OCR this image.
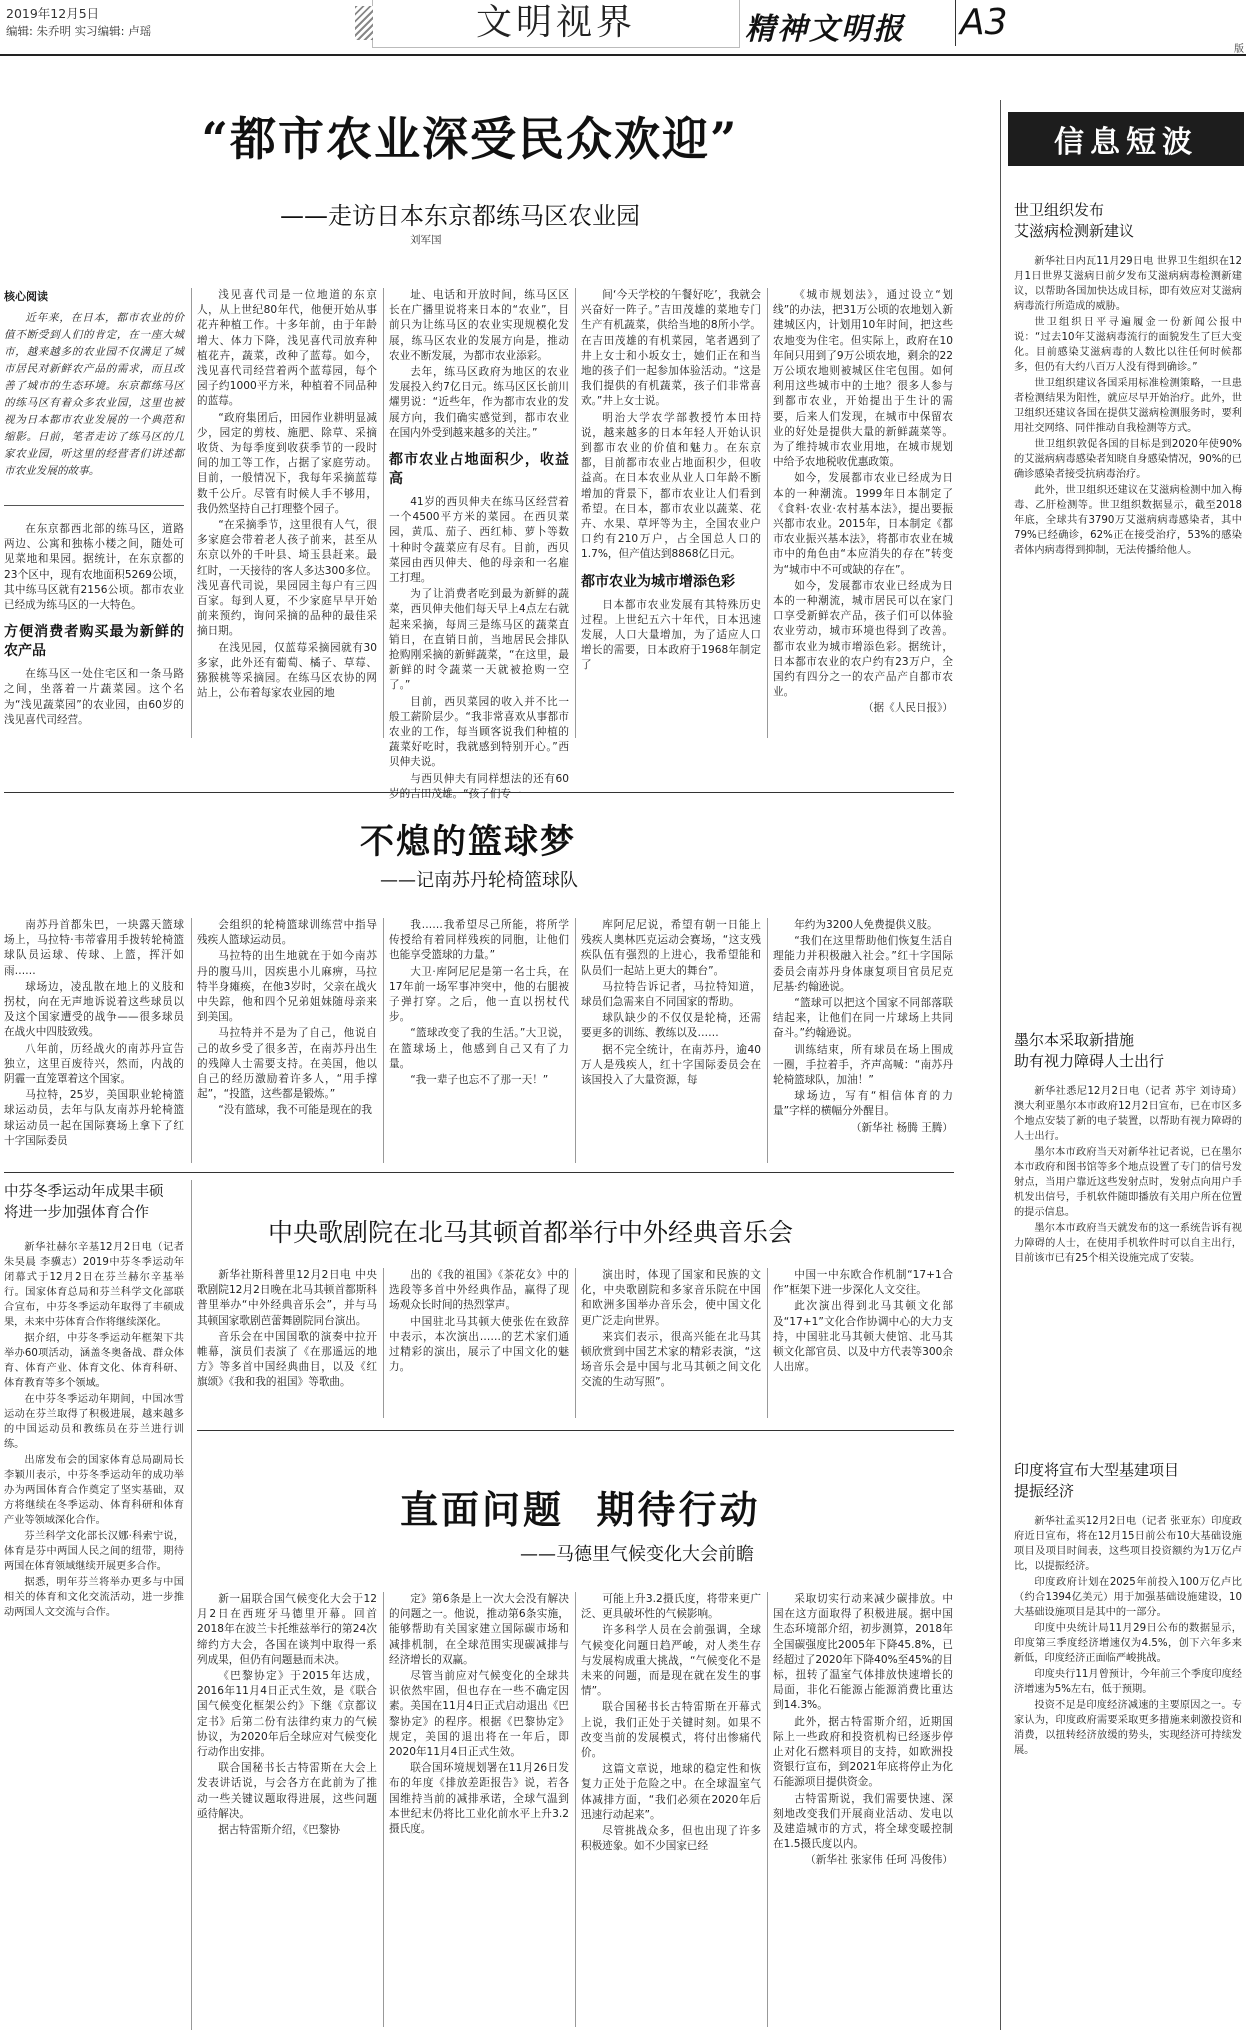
2019年12月5日
编辑: 朱乔明 实习编辑: 卢瑶	文明视界	精神文明报 A3
版
“都市农业深受民众欢迎”
——走访日本东京都练马区农业园
刘军国
核心阅读
近年来，在日本，都市农业的价值不断受到人们的肯定，在一座大城市，越来越多的农业园不仅满足了城市居民对新鲜农产品的需求，而且改善了城市的生态环境。东京都练马区的练马区有着众多农业园，这里也被视为日本都市农业发展的一个典范和缩影。日前，笔者走访了练马区的几家农业园，听这里的经营者们讲述都市农业发展的故事。

在东京都西北部的练马区，道路两边、公寓和独栋小楼之间，随处可见菜地和果园。据统计，在东京都的23个区中，现有农地面积5269公顷，其中练马区就有2156公顷。都市农业已经成为练马区的一大特色。

方便消费者购买最为新鲜的农产品

在练马区一处住宅区和一条马路之间，坐落着一片蔬菜园。这个名为“浅见蔬菜园”的农业园，由60岁的浅见喜代司经营。

浅见喜代司是一位地道的东京人，从上世纪80年代，他便开始从事花卉种植工作。十多年前，由于年龄增大、体力下降，浅见喜代司放弃种植花卉，蔬菜，改种了蓝莓。如今，浅见喜代司经营着两个蓝莓园，每个园子约1000平方米，种植着不同品种的蓝莓。

“政府集团后，田园作业耕明显减少，园定的剪枝、施肥、除草、采摘收货、为每季度到收获季节的一段时间的加工等工作，占据了家庭劳动。目前，一般情况下，我每年采摘蓝莓数千公斤。尽管有时候人手不够用，我仍然坚持自己打理整个园子。

“在采摘季节，这里很有人气，很多家庭会带着老人孩子前来，甚至从东京以外的千叶县、埼玉县赶来。最红时，一天接待的客人多达300多位。浅见喜代司说，果园园主每户有三四百家。每到人夏，不少家庭早早开始前来预约，询问采摘的品种的最佳采摘日期。

在浅见园，仅蓝莓采摘园就有30多家，此外还有葡萄、橘子、草莓、猕猴桃等采摘园。在练马区农协的网站上，公布着每家农业园的地

址、电话和开放时间，练马区区长在广播里说将来日本的“农业”，目前只为让练马区的农业实现规模化发展，练马区农业的发展方向是，推动农业不断发展，为都市农业添彩。

去年，练马区政府为地区的农业发展投入约7亿日元。练马区区长前川燿男说：“近些年，作为都市农业的发展方向，我们确实感觉到，都市农业在国内外受到越来越多的关注。”

都市农业占地面积少，收益高

41岁的西贝伸夫在练马区经营着一个4500平方米的菜园。在西贝菜园，黄瓜、茄子、西红柿、萝卜等数十种时令蔬菜应有尽有。目前，西贝菜园由西贝伸夫、他的母亲和一名雇工打理。

为了让消费者吃到最为新鲜的蔬菜，西贝伸夫他们每天早上4点左右就起来采摘，每周三是练马区的蔬菜直销日，在直销日前，当地居民会排队抢购刚采摘的新鲜蔬菜，“在这里，最新鲜的时令蔬菜一天就被抢购一空了。”

目前，西贝菜园的收入并不比一般工薪阶层少。“我非常喜欢从事都市农业的工作，每当顾客说我们种植的蔬菜好吃时，我就感到特别开心。”西贝伸夫说。

与西贝伸夫有同样想法的还有60岁的吉田茂雄。“孩子们专一

间‘今天学校的午餐好吃’，我就会兴奋好一阵子。”吉田茂雄的菜地专门生产有机蔬菜，供给当地的8所小学。在吉田茂雄的有机菜园，笔者遇到了井上女士和小坂女士，她们正在和当地的孩子们一起参加体验活动。“这是我们提供的有机蔬菜，孩子们非常喜欢。”井上女士说。

明治大学农学部教授竹本田持说，越来越多的日本年轻人开始认识到都市农业的价值和魅力。在东京都，目前都市农业占地面积少，但收益高。在日本农业从业人口年龄不断增加的背景下，都市农业让人们看到希望。在日本，都市农业以蔬菜、花卉、水果、草坪等为主，全国农业户口约有210万户，占全国总人口的1.7%，但产值达到8868亿日元。

都市农业为城市增添色彩

日本都市农业发展有其特殊历史过程。上世纪五六十年代，日本迅速发展，人口大量增加，为了适应人口增长的需要，日本政府于1968年制定了

《城市规划法》，通过设立“划线”的办法，把31万公顷的农地划入新建城区内，计划用10年时间，把这些农地变为住宅。但实际上，政府在10年间只用到了9万公顷农地，剩余的22万公顷农地则被城区住宅包围。如何利用这些城市中的土地？很多人参与到都市农业，开始提出于生计的需要，后来人们发现，在城市中保留农业的好处是提供大量的新鲜蔬菜等。为了维持城市农业用地，在城市规划中给予农地税收优惠政策。

如今，发展都市农业已经成为日本的一种潮流。1999年日本制定了《食料·农业·农村基本法》，提出要振兴都市农业。2015年，日本制定《都市农业振兴基本法》，将都市农业在城市中的角色由“本应消失的存在”转变为“城市中不可或缺的存在”。

如今，发展都市农业已经成为日本的一种潮流，城市居民可以在家门口享受新鲜农产品，孩子们可以体验农业劳动，城市环境也得到了改善。都市农业为城市增添色彩。据统计，日本都市农业的农户约有23万户，全国约有四分之一的农产品产自都市农业。

（据《人民日报》）
不熄的篮球梦
——记南苏丹轮椅篮球队

南苏丹首都朱巴，一块露天篮球场上，马拉特·韦蒂睿用手拨转轮椅篮球队员运球、传球、上篮，挥汗如雨……

球场边，凌乱散在地上的义肢和拐杖，向在无声地诉说着这些球员以及这个国家遭受的战争——很多球员在战火中四肢致残。

八年前，历经战火的南苏丹宣告独立，这里百废待兴，然而，内战的阴霾一直笼罩着这个国家。

马拉特，25岁，美国职业轮椅篮球运动员，去年与队友南苏丹轮椅篮球运动员一起在国际赛场上拿下了红十字国际委员

会组织的轮椅篮球训练营中指导残疾人篮球运动员。

马拉特的出生地就在于如今南苏丹的腹马川，因疾患小儿麻痹，马拉特半身瘫痪，在他3岁时，父亲在战火中失踪，他和四个兄弟姐妹随母亲来到美国。

马拉特并不是为了自己，他说自己的故乡受了很多苦，在南苏丹出生的残障人士需要支持。在美国，他以自己的经历激励着许多人，“用手撑起”，“投篮，这些都是锻炼。”

“没有篮球，我不可能是现在的我

我……我希望尽己所能，将所学传授给有着同样残疾的同胞，让他们也能享受篮球的力量。”

大卫·库阿尼尼是第一名士兵，在17年前一场军事冲突中，他的右腿被子弹打穿。之后，他一直以拐杖代步。

“篮球改变了我的生活。”大卫说，在篮球场上，他感到自己又有了力量。

“我一辈子也忘不了那一天！”

库阿尼尼说，希望有朝一日能上残疾人奥林匹克运动会赛场，“这支残疾队伍有强烈的上进心，我希望能和队员们一起站上更大的舞台”。

马拉特告诉记者，马拉特知道，球员们急需来自不同国家的帮助。

球队缺少的不仅仅是轮椅，还需要更多的训练、教练以及……

据不完全统计，在南苏丹，逾40万人是残疾人，红十字国际委员会在该国投入了大量资源，每

年约为3200人免费提供义肢。

“我们在这里帮助他们恢复生活自理能力并积极融入社会。”红十字国际委员会南苏丹身体康复项目官员尼克尼基·约翰逊说。

“篮球可以把这个国家不同部落联结起来，让他们在同一片球场上共同奋斗。”约翰逊说。

训练结束，所有球员在场上围成一圈，手拉着手，齐声高喊：“南苏丹轮椅篮球队，加油！”

球场边，写有“相信体育的力量”字样的横幅分外醒目。

（新华社 杨腾 王腾）
中芬冬季运动年成果丰硕
将进一步加强体育合作

新华社赫尔辛基12月2日电（记者 朱昊晨 李骥志）2019中芬冬季运动年闭幕式于12月2日在芬兰赫尔辛基举行。国家体育总局和芬兰科学文化部联合宣布，中芬冬季运动年取得了丰硕成果，未来中芬体育合作将继续深化。

据介绍，中芬冬季运动年框架下共举办60项活动，涵盖冬奥备战、群众体育、体育产业、体育文化、体育科研、体育教育等多个领域。

在中芬冬季运动年期间，中国冰雪运动在芬兰取得了积极进展，越来越多的中国运动员和教练员在芬兰进行训练。

出席发布会的国家体育总局副局长李颖川表示，中芬冬季运动年的成功举办为两国体育合作奠定了坚实基础，双方将继续在冬季运动、体育科研和体育产业等领域深化合作。

芬兰科学文化部长汉娜·科索宁说，体育是芬中两国人民之间的纽带，期待两国在体育领域继续开展更多合作。

据悉，明年芬兰将举办更多与中国相关的体育和文化交流活动，进一步推动两国人文交流与合作。

中央歌剧院在北马其顿首都举行中外经典音乐会

新华社斯科普里12月2日电 中央歌剧院12月2日晚在北马其顿首都斯科普里举办“中外经典音乐会”，并与马其顿国家歌剧芭蕾舞剧院同台演出。

音乐会在中国国歌的演奏中拉开帷幕，演员们表演了《在那遥远的地方》等多首中国经典曲目，以及《红旗颂》《我和我的祖国》等歌曲。

出的《我的祖国》《茶花女》中的选段等多首中外经典作品，赢得了现场观众长时间的热烈掌声。

中国驻北马其顿大使张佐在致辞中表示，本次演出……的艺术家们通过精彩的演出，展示了中国文化的魅力。

演出时，体现了国家和民族的文化，中央歌剧院和多家音乐院在中国和欧洲多国举办音乐会，使中国文化更广泛走向世界。

来宾们表示，很高兴能在北马其顿欣赏到中国艺术家的精彩表演，“这场音乐会是中国与北马其顿之间文化交流的生动写照”。

中国一中东欧合作机制“17+1合作”框架下进一步深化人文交往。

此次演出得到北马其顿文化部及“17+1”文化合作协调中心的大力支持，中国驻北马其顿大使馆、北马其顿文化部官员、以及中方代表等300余人出席。

直面问题  期待行动
——马德里气候变化大会前瞻

新一届联合国气候变化大会于12月2日在西班牙马德里开幕。回首2018年在波兰卡托维兹举行的第24次缔约方大会，各国在谈判中取得一系列成果，但仍有问题悬而未决。

《巴黎协定》于2015年达成，2016年11月4日正式生效，是《联合国气候变化框架公约》下继《京都议定书》后第二份有法律约束力的气候协议，为2020年后全球应对气候变化行动作出安排。

联合国秘书长古特雷斯在大会上发表讲话说，与会各方在此前为了推动一些关键议题取得进展，这些问题亟待解决。

据古特雷斯介绍，《巴黎协

定》第6条是上一次大会没有解决的问题之一。他说，推动第6条实施，能够帮助有关国家建立国际碳市场和减排机制，在全球范围实现碳减排与经济增长的双赢。

尽管当前应对气候变化的全球共识依然牢固，但也存在一些不确定因素。美国在11月4日正式启动退出《巴黎协定》的程序。根据《巴黎协定》规定，美国的退出将在一年后，即2020年11月4日正式生效。

联合国环境规划署在11月26日发布的年度《排放差距报告》说，若各国维持当前的减排承诺，全球气温到本世纪末仍将比工业化前水平上升3.2摄氏度。

可能上升3.2摄氏度，将带来更广泛、更具破坏性的气候影响。

许多科学人员在会前强调，全球气候变化问题日趋严峻，对人类生存与发展构成重大挑战，“气候变化不是未来的问题，而是现在就在发生的事情”。

联合国秘书长古特雷斯在开幕式上说，我们正处于关键时刻。如果不改变当前的发展模式，将付出惨痛代价。

这篇文章说，地球的稳定性和恢复力正处于危险之中。在全球温室气体减排方面，“我们必须在2020年后迅速行动起来”。

尽管挑战众多，但也出现了许多积极迹象。如不少国家已经

采取切实行动来减少碳排放。中国在这方面取得了积极进展。据中国生态环境部介绍，初步测算，2018年全国碳强度比2005年下降45.8%，已经超过了2020年下降40%至45%的目标，扭转了温室气体排放快速增长的局面，非化石能源占能源消费比重达到14.3%。

此外，据古特雷斯介绍，近期国际上一些政府和投资机构已经逐步停止对化石燃料项目的支持，如欧洲投资银行宣布，到2021年底将停止为化石能源项目提供资金。

古特雷斯说，我们需要快速、深刻地改变我们开展商业活动、发电以及建造城市的方式，将全球变暖控制在1.5摄氏度以内。

（新华社 张家伟 任珂 冯俊伟）
信息短波
世卫组织发布
艾滋病检测新建议

新华社日内瓦11月29日电 世界卫生组织在12月1日世界艾滋病日前夕发布艾滋病病毒检测新建议，以帮助各国加快达成目标，即有效应对艾滋病病毒流行所造成的威胁。

世卫组织日平寻遍履金一份新闻公报中说：“过去10年艾滋病毒流行的面貌发生了巨大变化。目前感染艾滋病毒的人数比以往任何时候都多，但仍有大约八百万人没有得到确诊。”

世卫组织建议各国采用标准检测策略，一旦患者检测结果为阳性，就应尽早开始治疗。此外，世卫组织还建议各国在提供艾滋病检测服务时，要利用社交网络、同伴推动自我检测等方式。

世卫组织敦促各国的目标是到2020年使90%的艾滋病病毒感染者知晓自身感染情况，90%的已确诊感染者接受抗病毒治疗。

此外，世卫组织还建议在艾滋病检测中加入梅毒、乙肝检测等。世卫组织数据显示，截至2018年底，全球共有3790万艾滋病病毒感染者，其中79%已经确诊，62%正在接受治疗，53%的感染者体内病毒得到抑制，无法传播给他人。

墨尔本采取新措施
助有视力障碍人士出行

新华社悉尼12月2日电（记者 苏宇 刘诗琦）澳大利亚墨尔本市政府12月2日宣布，已在市区多个地点安装了新的电子装置，以帮助有视力障碍的人士出行。

墨尔本市政府当天对新华社记者说，已在墨尔本市政府和图书馆等多个地点设置了专门的信号发射点，当用户靠近这些发射点时，发射点向用户手机发出信号，手机软件随即播放有关用户所在位置的提示信息。

墨尔本市政府当天就发布的这一系统告诉有视力障碍的人士，在使用手机软件时可以自主出行，目前该市已有25个相关设施完成了安装。

印度将宣布大型基建项目
提振经济

新华社孟买12月2日电（记者 张亚东）印度政府近日宣布，将在12月15日前公布10大基础设施项目及项目时间表，这些项目投资额约为1万亿卢比，以提振经济。

印度政府计划在2025年前投入100万亿卢比（约合1394亿美元）用于加强基础设施建设，10大基础设施项目是其中的一部分。

印度中央统计局11月29日公布的数据显示，印度第三季度经济增速仅为4.5%，创下六年多来新低，印度经济正面临严峻挑战。

印度央行11月曾预计，今年前三个季度印度经济增速为5%左右，低于预期。

投资不足是印度经济减速的主要原因之一。专家认为，印度政府需要采取更多措施来刺激投资和消费，以扭转经济放缓的势头，实现经济可持续发展。
